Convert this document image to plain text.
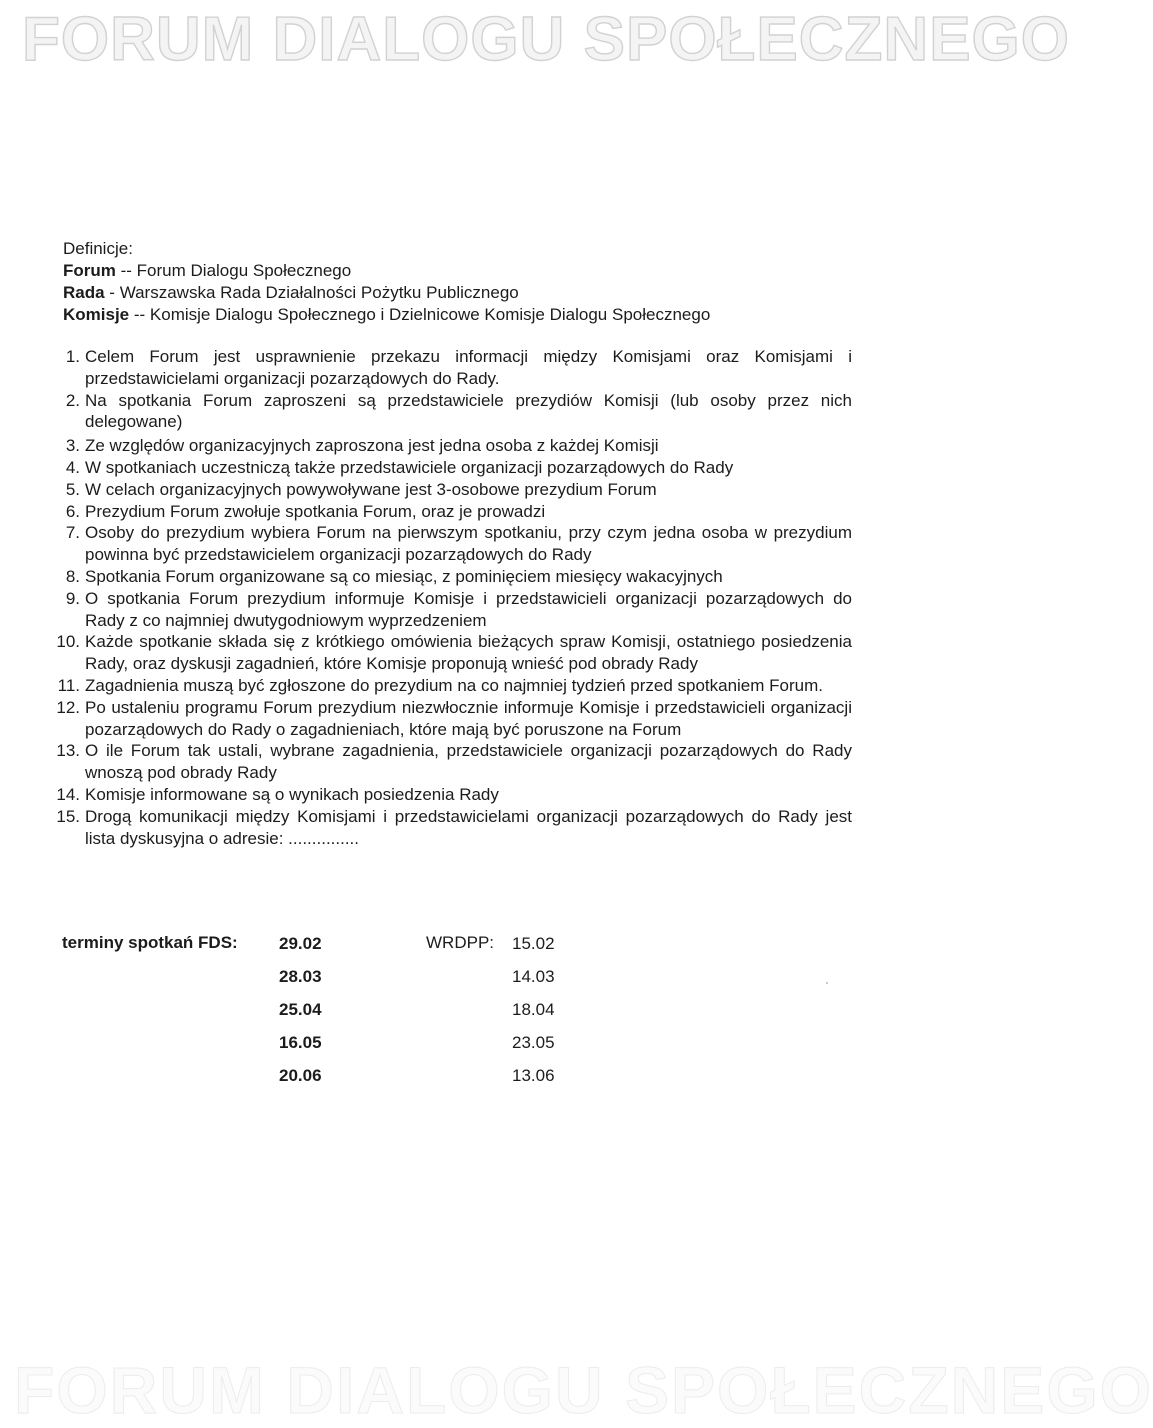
FORUM DIALOGU SPOŁECZNEGO
Definicje:
Forum -- Forum Dialogu Społecznego
Rada - Warszawska Rada Działalności Pożytku Publicznego
Komisje -- Komisje Dialogu Społecznego i Dzielnicowe Komisje Dialogu Społecznego
1. Celem Forum jest usprawnienie przekazu informacji między Komisjami oraz Komisjami i przedstawicielami organizacji pozarządowych do Rady.
2. Na spotkania Forum zaproszeni są przedstawiciele prezydiów Komisji (lub osoby przez nich delegowane)
3. Ze względów organizacyjnych zaproszona jest jedna osoba z każdej Komisji
4. W spotkaniach uczestniczą także przedstawiciele organizacji pozarządowych do Rady
5. W celach organizacyjnych powywoływane jest 3-osobowe prezydium Forum
6. Prezydium Forum zwołuje spotkania Forum, oraz je prowadzi
7. Osoby do prezydium wybiera Forum na pierwszym spotkaniu, przy czym jedna osoba w prezydium powinna być przedstawicielem organizacji pozarządowych do Rady
8. Spotkania Forum organizowane są co miesiąc, z pominięciem miesięcy wakacyjnych
9. O spotkania Forum prezydium informuje Komisje i przedstawicieli organizacji pozarządowych do Rady z co najmniej dwutygodniowym wyprzedzeniem
10. Każde spotkanie składa się z krótkiego omówienia bieżących spraw Komisji, ostatniego posiedzenia Rady, oraz dyskusji zagadnień, które Komisje proponują wnieść pod obrady Rady
11. Zagadnienia muszą być zgłoszone do prezydium na co najmniej tydzień przed spotkaniem Forum.
12. Po ustaleniu programu Forum prezydium niezwłocznie informuje Komisje i przedstawicieli organizacji pozarządowych do Rady o zagadnieniach, które mają być poruszone na Forum
13. O ile Forum tak ustali, wybrane zagadnienia, przedstawiciele organizacji pozarządowych do Rady wnoszą pod obrady Rady
14. Komisje informowane są o wynikach posiedzenia Rady
15. Drogą komunikacji między Komisjami i przedstawicielami organizacji pozarządowych do Rady jest lista dyskusyjna o adresie: ...............
terminy spotkań FDS: 29.02
28.03
25.04
16.05
20.06
WRDPP: 15.02
14.03
18.04
23.05
13.06
FORUM DIALOGU SPOŁECZNEGO
